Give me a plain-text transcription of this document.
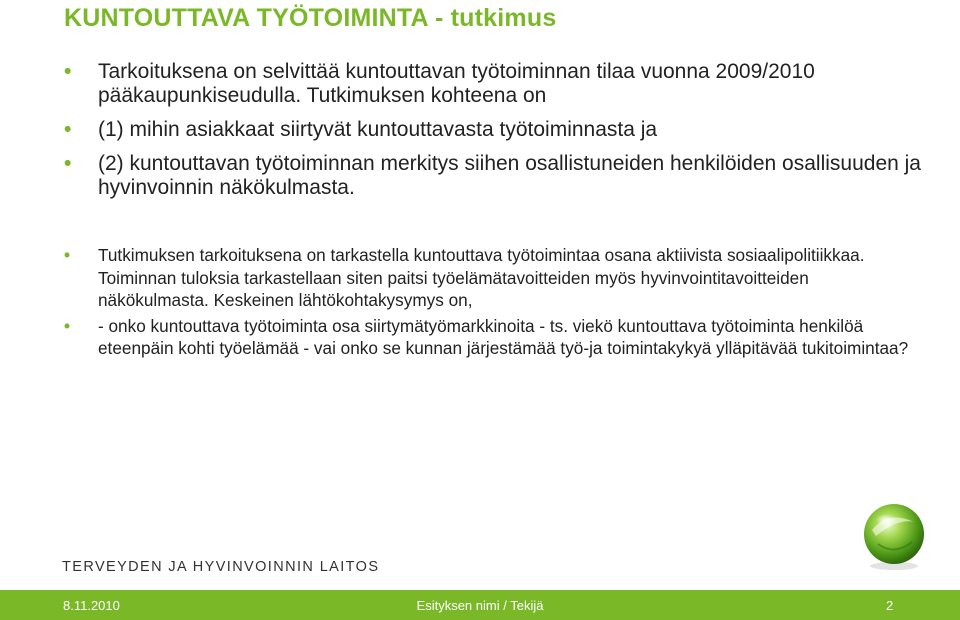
KUNTOUTTAVA TYÖTOIMINTA - tutkimus
• Tarkoituksena on selvittää kuntouttavan työtoiminnan tilaa vuonna 2009/2010 pääkaupunkiseudulla. Tutkimuksen kohteena on
• (1) mihin asiakkaat siirtyvät kuntouttavasta työtoiminnasta ja
• (2) kuntouttavan työtoiminnan merkitys siihen osallistuneiden henkilöiden osallisuuden ja hyvinvoinnin näkökulmasta.
• Tutkimuksen tarkoituksena on tarkastella kuntouttava työtoimintaa osana aktiivista sosiaalipolitiikkaa. Toiminnan tuloksia tarkastellaan siten paitsi työelämätavoitteiden myös hyvinvointitavoitteiden näkökulmasta. Keskeinen lähtökohtakysymys on,
• - onko kuntouttava työtoiminta osa siirtymätyömarkkinoita - ts. viekö kuntouttava työtoiminta henkilöä eteenpäin kohti työelämää - vai onko se kunnan järjestämää työ-ja toimintakykyä ylläpitävää tukitoimintaa?
TERVEYDEN JA HYVINVOINNIN LAITOS
8.11.2010	Esityksen nimi / Tekijä	2
